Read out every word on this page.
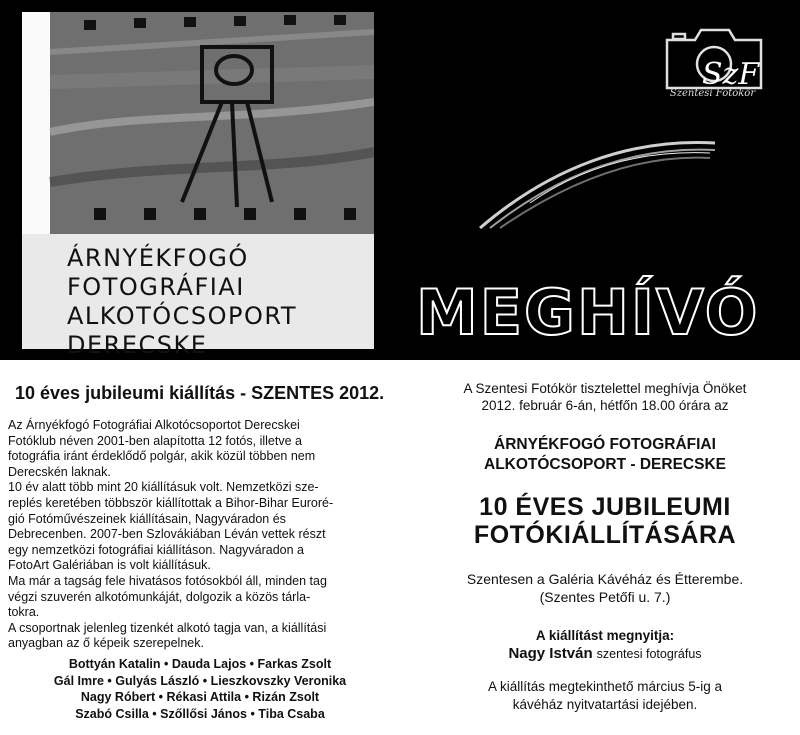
ÁRNYÉKFOGÓ
FOTOGRÁFIAI
ALKOTÓCSOPORT
DERECSKE
SzF
Szentesi Fotókör
MEGHÍVÓ
10 éves jubileumi kiállítás - SZENTES 2012.

Az Árnyékfogó Fotográfiai Alkotócsoportot Derecskei

Fotóklub néven 2001-ben alapította 12 fotós, illetve a

fotográfia iránt érdeklődő polgár, akik közül többen nem

Derecskén laknak.

10 év alatt több mint 20 kiállításuk volt. Nemzetközi sze-

replés keretében többször kiállítottak a Bihor-Bihar Euroré-

gió Fotóművészeinek kiállításain, Nagyváradon és

Debrecenben. 2007-ben Szlovákiában Léván vettek részt

egy nemzetközi fotográfiai kiállításon. Nagyváradon a

FotoArt Galériában is volt kiállításuk.

Ma már a tagság fele hivatásos fotósokból áll, minden tag

végzi szuverén alkotómunkáját, dolgozik a közös tárla-

tokra.

A csoportnak jelenleg tizenkét alkotó tagja van, a kiállítási

anyagban az ő képeik szerepelnek.

Bottyán Katalin • Dauda Lajos • Farkas Zsolt
Gál Imre • Gulyás László • Lieszkovszky Veronika
Nagy Róbert • Rékasi Attila • Rizán Zsolt
Szabó Csilla • Szőllősi János • Tiba Csaba

A Szentesi Fotókör tisztelettel meghívja Önöket
2012. február 6-án, hétfőn 18.00 órára az

ÁRNYÉKFOGÓ FOTOGRÁFIAI
ALKOTÓCSOPORT - DERECSKE

10 ÉVES JUBILEUMI
FOTÓKIÁLLÍTÁSÁRA

Szentesen a Galéria Kávéház és Étterembe.
(Szentes Petőfi u. 7.)
A kiállítást megnyitja:
Nagy István szentesi fotográfus
A kiállítás megtekinthető március 5-ig a
kávéház nyitvatartási idejében.
